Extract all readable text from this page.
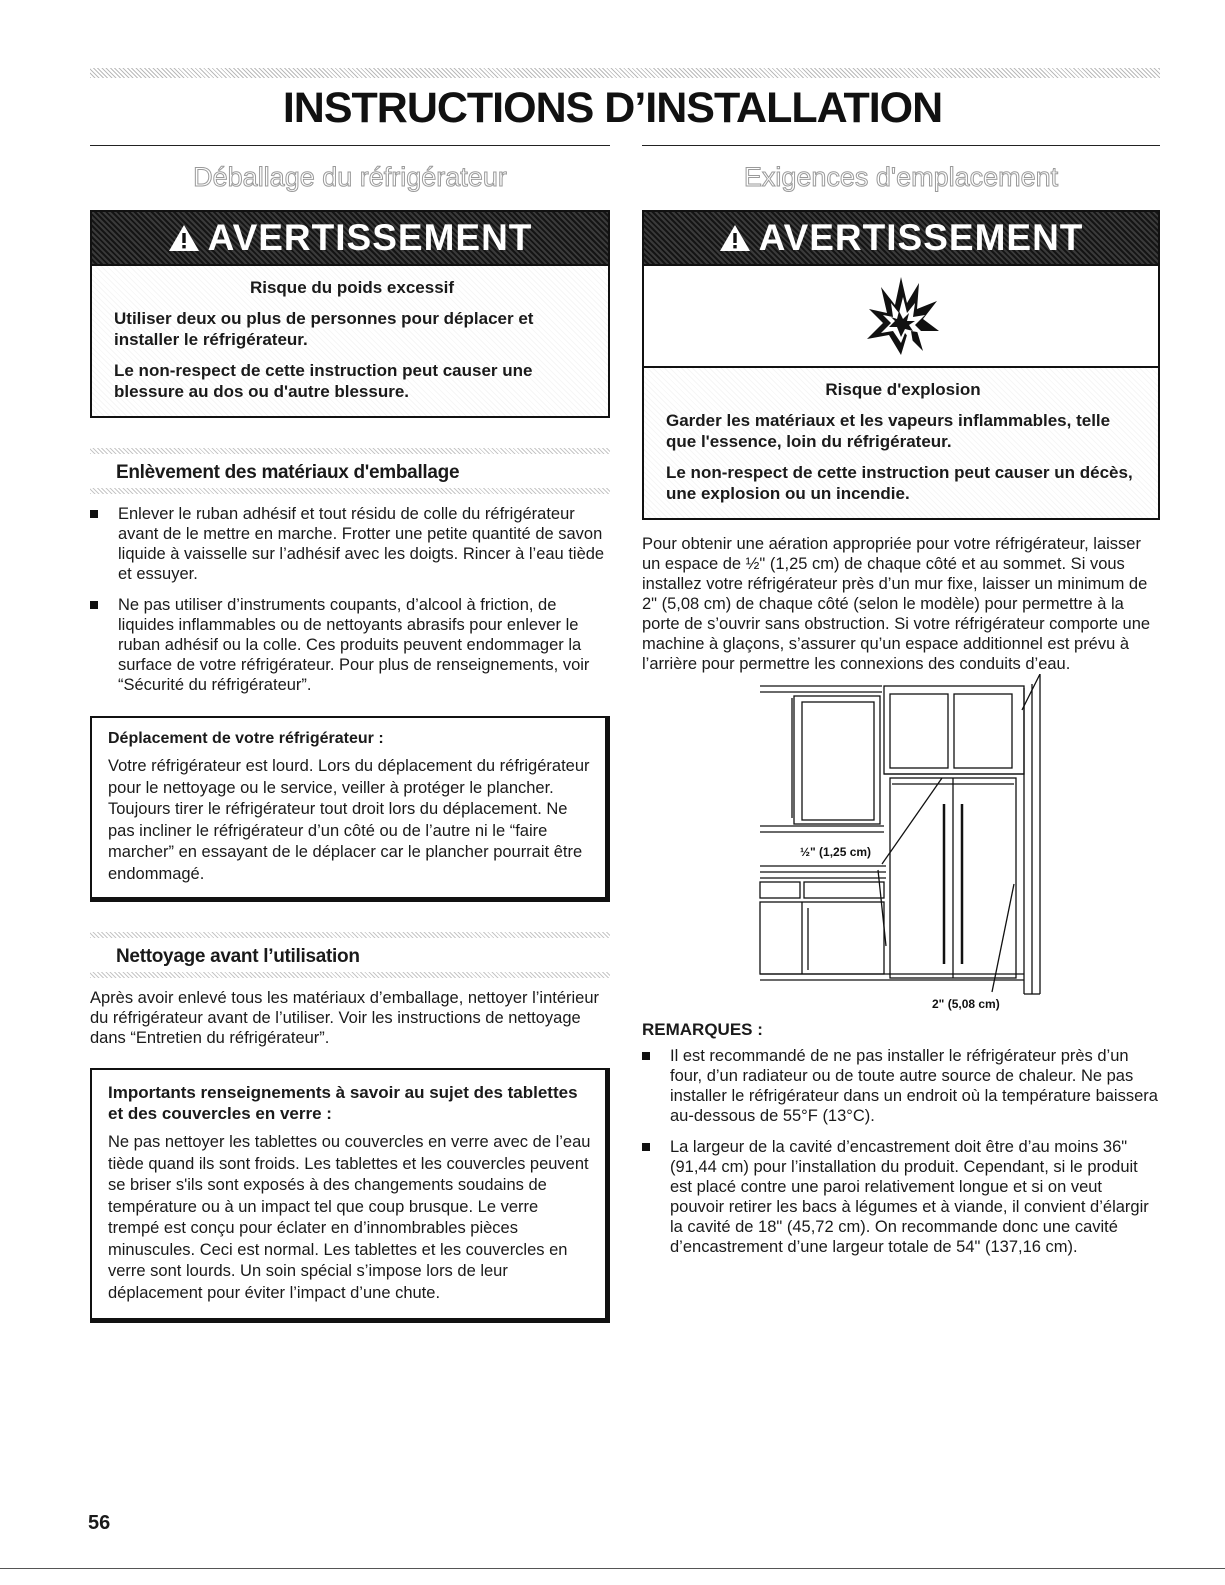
INSTRUCTIONS D’INSTALLATION
Déballage du réfrigérateur
AVERTISSEMENT
Risque du poids excessif

Utiliser deux ou plus de personnes pour déplacer et installer le réfrigérateur.

Le non-respect de cette instruction peut causer une blessure au dos ou d'autre blessure.

Enlèvement des matériaux d'emballage
Enlever le ruban adhésif et tout résidu de colle du réfrigérateur avant de le mettre en marche. Frotter une petite quantité de savon liquide à vaisselle sur l’adhésif avec les doigts. Rincer à l’eau tiède et essuyer.
Ne pas utiliser d’instruments coupants, d’alcool à friction, de liquides inflammables ou de nettoyants abrasifs pour enlever le ruban adhésif ou la colle. Ces produits peuvent endommager la surface de votre réfrigérateur. Pour plus de renseignements, voir “Sécurité du réfrigérateur”.
Déplacement de votre réfrigérateur :

Votre réfrigérateur est lourd. Lors du déplacement du réfrigérateur pour le nettoyage ou le service, veiller à protéger le plancher. Toujours tirer le réfrigérateur tout droit lors du déplacement. Ne pas incliner le réfrigérateur d’un côté ou de l’autre ni le “faire marcher” en essayant de le déplacer car le plancher pourrait être endommagé.

Nettoyage avant l’utilisation

Après avoir enlevé tous les matériaux d’emballage, nettoyer l’intérieur du réfrigérateur avant de l’utiliser. Voir les instructions de nettoyage dans “Entretien du réfrigérateur”.

Importants renseignements à savoir au sujet des tablettes et des couvercles en verre :

Ne pas nettoyer les tablettes ou couvercles en verre avec de l’eau tiède quand ils sont froids. Les tablettes et les couvercles peuvent se briser s'ils sont exposés à des changements soudains de température ou à un impact tel que coup brusque. Le verre trempé est conçu pour éclater en d’innombrables pièces minuscules. Ceci est normal. Les tablettes et les couvercles en verre sont lourds. Un soin spécial s’impose lors de leur déplacement pour éviter l’impact d’une chute.

Exigences d'emplacement
AVERTISSEMENT
Risque d'explosion

Garder les matériaux et les vapeurs inflammables, telle que l'essence, loin du réfrigérateur.

Le non-respect de cette instruction peut causer un décès, une explosion ou un incendie.

Pour obtenir une aération appropriée pour votre réfrigérateur, laisser un espace de ½" (1,25 cm) de chaque côté et au sommet. Si vous installez votre réfrigérateur près d’un mur fixe, laisser un minimum de 2" (5,08 cm) de chaque côté (selon le modèle) pour permettre à la porte de s’ouvrir sans obstruction. Si votre réfrigérateur comporte une machine à glaçons, s’assurer qu’un espace additionnel est prévu à l’arrière pour permettre les connexions des conduits d’eau.

½" (1,25 cm)
2" (5,08 cm)
REMARQUES :
Il est recommandé de ne pas installer le réfrigérateur près d’un four, d’un radiateur ou de toute autre source de chaleur. Ne pas installer le réfrigérateur dans un endroit où la température baissera au-dessous de 55°F (13°C).
La largeur de la cavité d’encastrement doit être d’au moins 36" (91,44 cm) pour l’installation du produit. Cependant, si le produit est placé contre une paroi relativement longue et si on veut pouvoir retirer les bacs à légumes et à viande, il convient d’élargir la cavité de 18" (45,72 cm). On recommande donc une cavité d’encastrement d’une largeur totale de 54" (137,16 cm).
56
